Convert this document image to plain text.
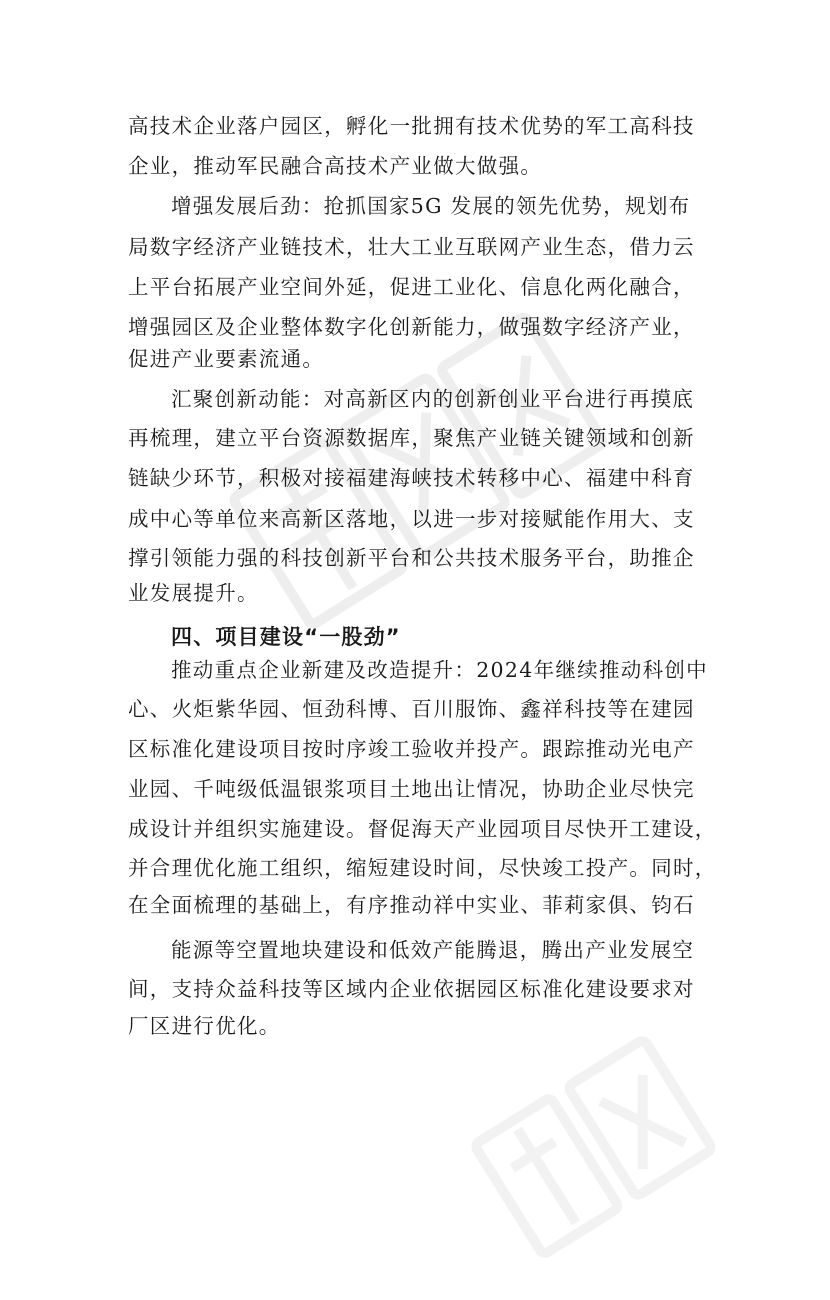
高技术企业落户园区，孵化一批拥有技术优势的军工高科技
企业，推动军民融合高技术产业做大做强。
增强发展后劲：抢抓国家5G 发展的领先优势，规划布
局数字经济产业链技术，壮大工业互联网产业生态，借力云
上平台拓展产业空间外延，促进工业化、信息化两化融合，
增强园区及企业整体数字化创新能力，做强数字经济产业，
促进产业要素流通。
汇聚创新动能：对高新区内的创新创业平台进行再摸底
再梳理，建立平台资源数据库，聚焦产业链关键领域和创新
链缺少环节，积极对接福建海峡技术转移中心、福建中科育
成中心等单位来高新区落地，以进一步对接赋能作用大、支
撑引领能力强的科技创新平台和公共技术服务平台，助推企
业发展提升。
四、项目建设“一股劲”
推动重点企业新建及改造提升：2024年继续推动科创中
心、火炬紫华园、恒劲科博、百川服饰、鑫祥科技等在建园
区标准化建设项目按时序竣工验收并投产。跟踪推动光电产
业园、千吨级低温银浆项目土地出让情况，协助企业尽快完
成设计并组织实施建设。督促海天产业园项目尽快开工建设，
并合理优化施工组织，缩短建设时间，尽快竣工投产。同时，
在全面梳理的基础上，有序推动祥中实业、菲莉家俱、钧石
能源等空置地块建设和低效产能腾退，腾出产业发展空
间，支持众益科技等区域内企业依据园区标准化建设要求对
厂区进行优化。
